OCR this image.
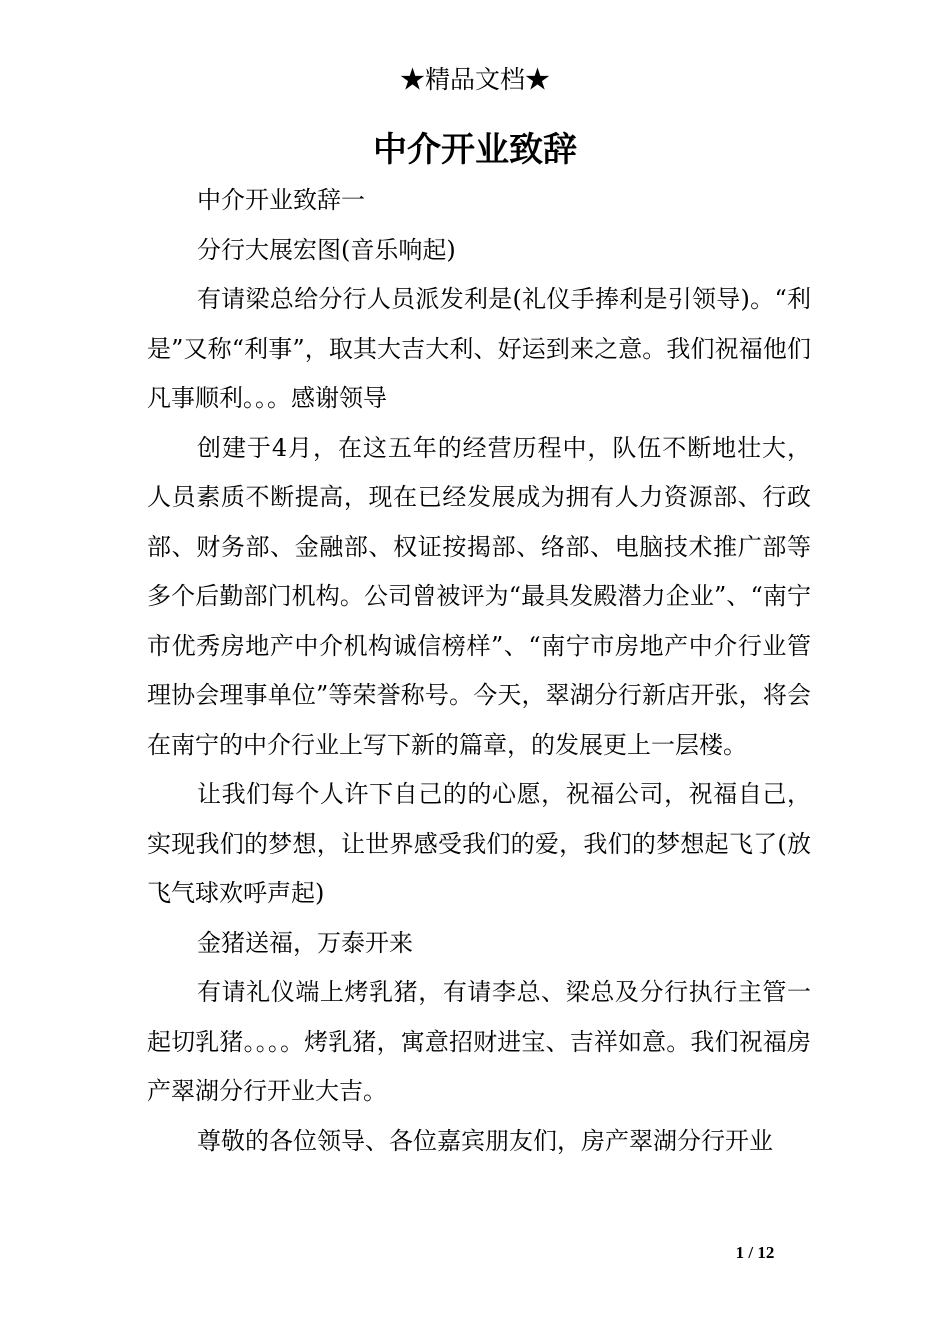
★精品文档★
中介开业致辞

中介开业致辞一

分行大展宏图(音乐响起)

有请梁总给分行人员派发利是(礼仪手捧利是引领导)。“利是”又称“利事”，取其大吉大利、好运到来之意。我们祝福他们凡事顺利。。。感谢领导

创建于4月，在这五年的经营历程中，队伍不断地壮大，人员素质不断提高，现在已经发展成为拥有人力资源部、行政部、财务部、金融部、权证按揭部、络部、电脑技术推广部等多个后勤部门机构。公司曾被评为“最具发殿潜力企业”、“南宁市优秀房地产中介机构诚信榜样”、“南宁市房地产中介行业管理协会理事单位”等荣誉称号。今天，翠湖分行新店开张，将会在南宁的中介行业上写下新的篇章，的发展更上一层楼。

让我们每个人许下自己的的心愿，祝福公司，祝福自己，实现我们的梦想，让世界感受我们的爱，我们的梦想起飞了(放飞气球欢呼声起)

金猪送福，万泰开来

有请礼仪端上烤乳猪，有请李总、梁总及分行执行主管一起切乳猪。。。。烤乳猪，寓意招财进宝、吉祥如意。我们祝福房产翠湖分行开业大吉。

尊敬的各位领导、各位嘉宾朋友们，房产翠湖分行开业

1 / 12
